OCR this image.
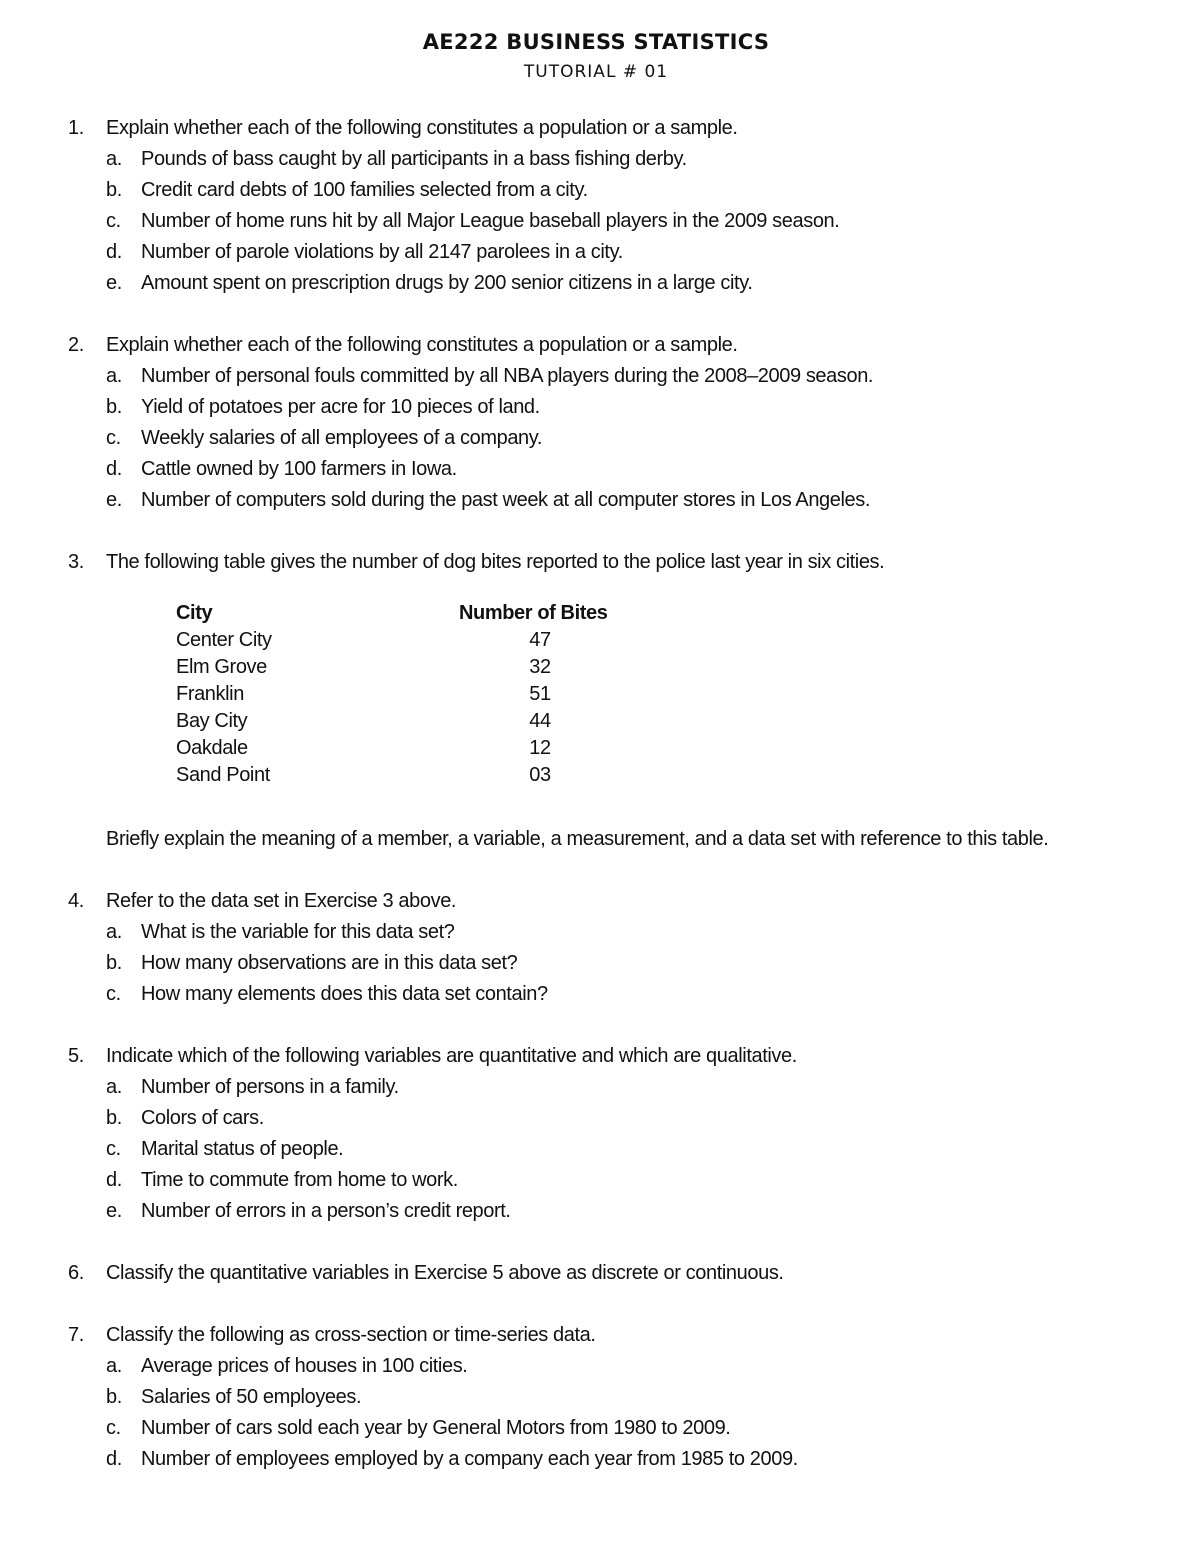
AE222 BUSINESS STATISTICS
TUTORIAL # 01
1. Explain whether each of the following constitutes a population or a sample.
a. Pounds of bass caught by all participants in a bass fishing derby.
b. Credit card debts of 100 families selected from a city.
c. Number of home runs hit by all Major League baseball players in the 2009 season.
d. Number of parole violations by all 2147 parolees in a city.
e. Amount spent on prescription drugs by 200 senior citizens in a large city.
2. Explain whether each of the following constitutes a population or a sample.
a. Number of personal fouls committed by all NBA players during the 2008–2009 season.
b. Yield of potatoes per acre for 10 pieces of land.
c. Weekly salaries of all employees of a company.
d. Cattle owned by 100 farmers in Iowa.
e. Number of computers sold during the past week at all computer stores in Los Angeles.
3. The following table gives the number of dog bites reported to the police last year in six cities.
City	Number of Bites
Center City	47
Elm Grove	32
Franklin	51
Bay City	44
Oakdale	12
Sand Point	03
Briefly explain the meaning of a member, a variable, a measurement, and a data set with reference to this table.
4. Refer to the data set in Exercise 3 above.
a. What is the variable for this data set?
b. How many observations are in this data set?
c. How many elements does this data set contain?
5. Indicate which of the following variables are quantitative and which are qualitative.
a. Number of persons in a family.
b. Colors of cars.
c. Marital status of people.
d. Time to commute from home to work.
e. Number of errors in a person’s credit report.
6. Classify the quantitative variables in Exercise 5 above as discrete or continuous.
7. Classify the following as cross-section or time-series data.
a. Average prices of houses in 100 cities.
b. Salaries of 50 employees.
c. Number of cars sold each year by General Motors from 1980 to 2009.
d. Number of employees employed by a company each year from 1985 to 2009.
